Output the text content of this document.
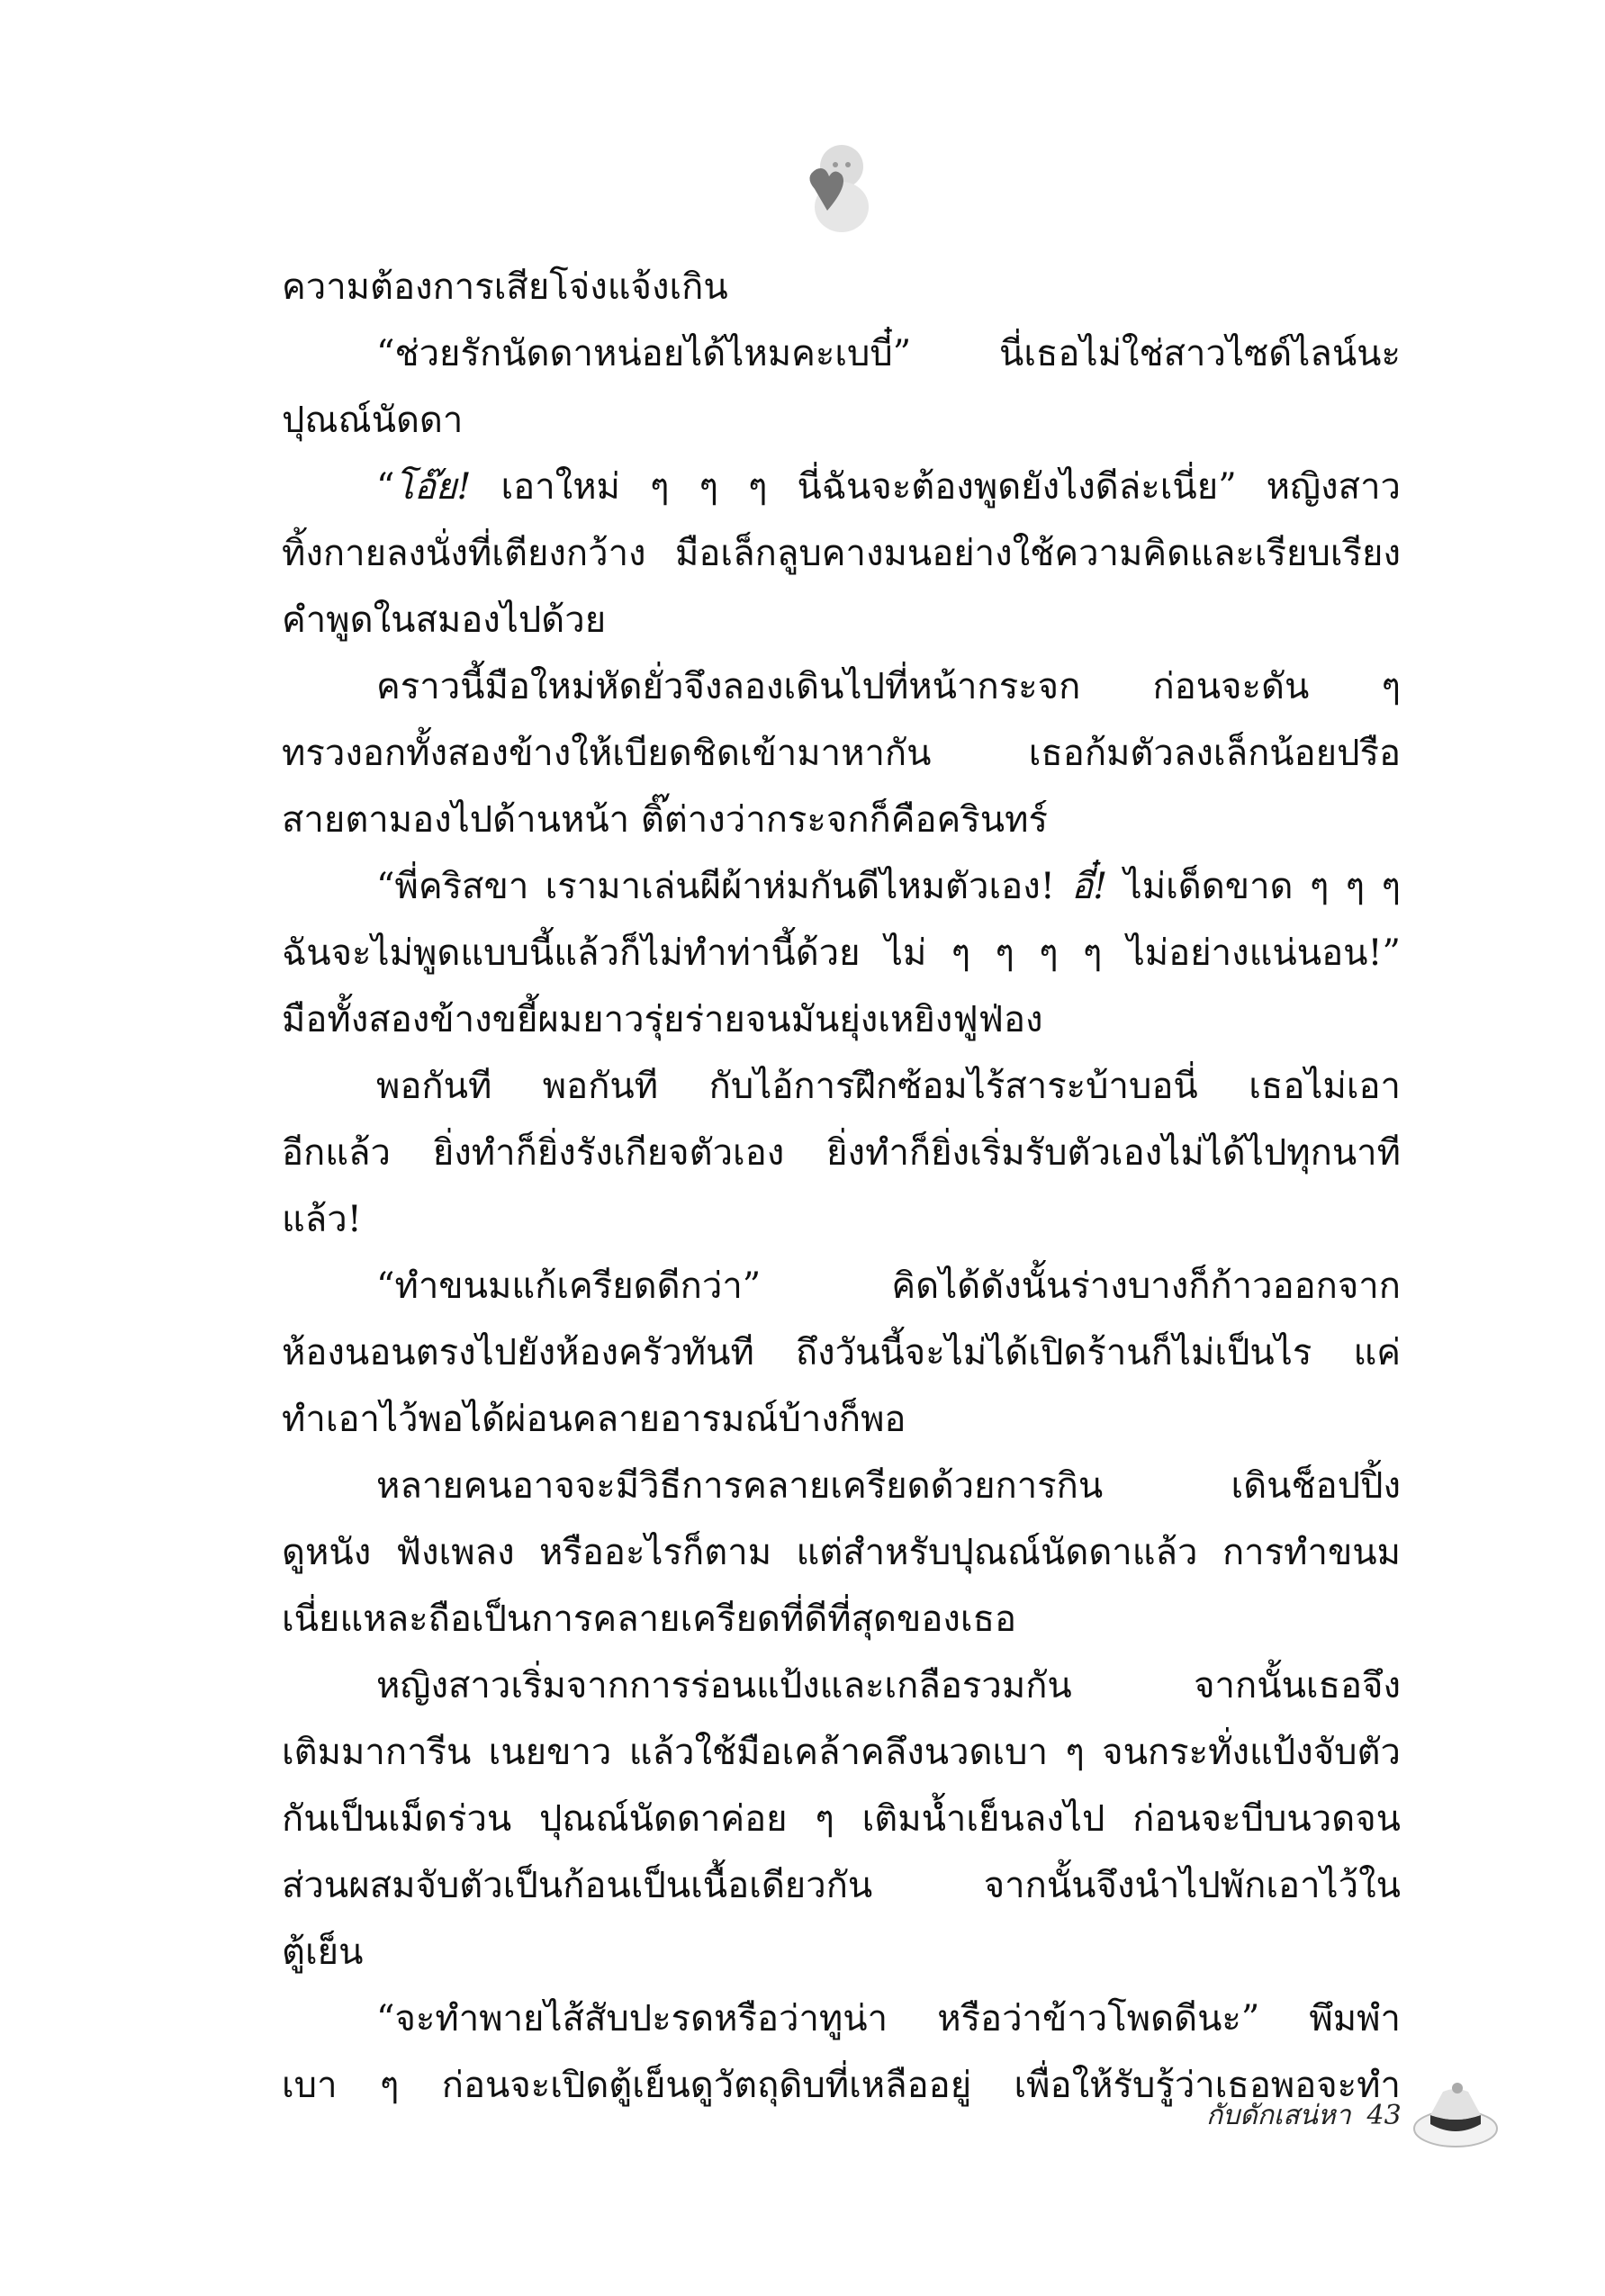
ความต้องการเสียโจ่งแจ้งเกิน
“ช่วยรักนัดดาหน่อยได้ไหมคะเบบี๋” นี่เธอไม่ใช่สาวไซด์ไลน์นะ
ปุณณ์นัดดา
“โอ๊ย! เอาใหม่ ๆ ๆ ๆ นี่ฉันจะต้องพูดยังไงดีล่ะเนี่ย” หญิงสาว
ทิ้งกายลงนั่งที่เตียงกว้าง มือเล็กลูบคางมนอย่างใช้ความคิดและเรียบเรียง
คำพูดในสมองไปด้วย
คราวนี้มือใหม่หัดยั่วจึงลองเดินไปที่หน้ากระจก ก่อนจะดัน ๆ
ทรวงอกทั้งสองข้างให้เบียดชิดเข้ามาหากัน เธอก้มตัวลงเล็กน้อยปรือ
สายตามองไปด้านหน้า ติ๊ต่างว่ากระจกก็คือครินทร์
“พี่คริสขา เรามาเล่นผีผ้าห่มกันดีไหมตัวเอง! อี๋! ไม่เด็ดขาด ๆ ๆ ๆ
ฉันจะไม่พูดแบบนี้แล้วก็ไม่ทำท่านี้ด้วย ไม่ ๆ ๆ ๆ ๆ ไม่อย่างแน่นอน!”
มือทั้งสองข้างขยี้ผมยาวรุ่ยร่ายจนมันยุ่งเหยิงฟูฟ่อง
พอกันที พอกันที กับไอ้การฝึกซ้อมไร้สาระบ้าบอนี่ เธอไม่เอา
อีกแล้ว ยิ่งทำก็ยิ่งรังเกียจตัวเอง ยิ่งทำก็ยิ่งเริ่มรับตัวเองไม่ได้ไปทุกนาที
แล้ว!
“ทำขนมแก้เครียดดีกว่า” คิดได้ดังนั้นร่างบางก็ก้าวออกจาก
ห้องนอนตรงไปยังห้องครัวทันที ถึงวันนี้จะไม่ได้เปิดร้านก็ไม่เป็นไร แค่
ทำเอาไว้พอได้ผ่อนคลายอารมณ์บ้างก็พอ
หลายคนอาจจะมีวิธีการคลายเครียดด้วยการกิน เดินช็อปปิ้ง
ดูหนัง ฟังเพลง หรืออะไรก็ตาม แต่สำหรับปุณณ์นัดดาแล้ว การทำขนม
เนี่ยแหละถือเป็นการคลายเครียดที่ดีที่สุดของเธอ
หญิงสาวเริ่มจากการร่อนแป้งและเกลือรวมกัน จากนั้นเธอจึง
เติมมาการีน เนยขาว แล้วใช้มือเคล้าคลึงนวดเบา ๆ จนกระทั่งแป้งจับตัว
กันเป็นเม็ดร่วน ปุณณ์นัดดาค่อย ๆ เติมน้ำเย็นลงไป ก่อนจะบีบนวดจน
ส่วนผสมจับตัวเป็นก้อนเป็นเนื้อเดียวกัน จากนั้นจึงนำไปพักเอาไว้ใน
ตู้เย็น
“จะทำพายไส้สับปะรดหรือว่าทูน่า หรือว่าข้าวโพดดีนะ” พึมพำ
เบา ๆ ก่อนจะเปิดตู้เย็นดูวัตถุดิบที่เหลืออยู่ เพื่อให้รับรู้ว่าเธอพอจะทำ
กับดักเสน่หา 43
